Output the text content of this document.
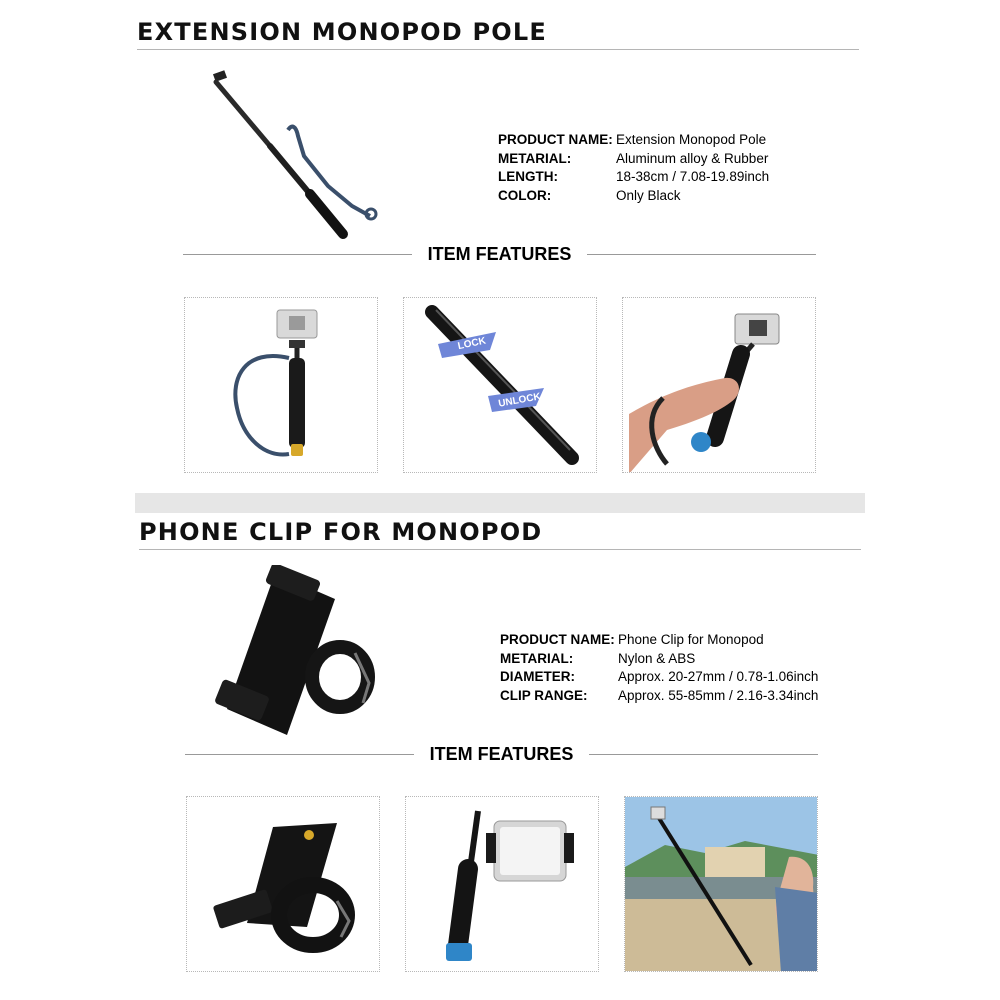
EXTENSION MONOPOD POLE
PRODUCT NAME: Extension Monopod Pole
METARIAL:	Aluminum alloy & Rubber
LENGTH:	18-38cm / 7.08-19.89inch
COLOR:	Only Black
ITEM FEATURES
LOCK
UNLOCK
PHONE CLIP FOR MONOPOD
PRODUCT NAME: Phone Clip for Monopod
METARIAL:	Nylon & ABS
DIAMETER:	Approx. 20-27mm / 0.78-1.06inch
CLIP RANGE:	Approx. 55-85mm / 2.16-3.34inch
ITEM FEATURES
